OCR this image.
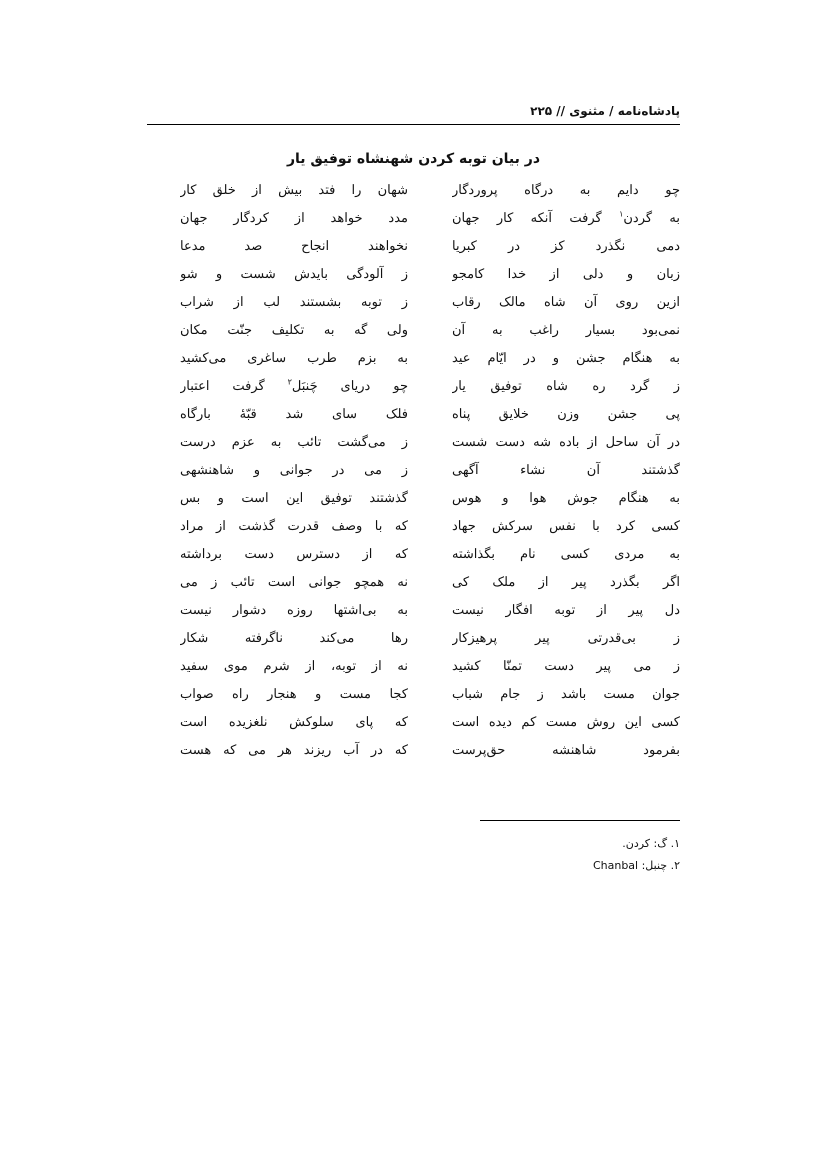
پادشاه‌نامه / مثنوی // ۲۲۵
در بیان توبه کردن شهنشاه توفیق یار
چو دایم به درگاه پروردگار
شهان را فتد بیش از خلق کار
به گردن$^۱$ گرفت آنکه کار جهان
مدد خواهد از کردگار جهان
دمی نگذرد کز در کبریا
نخواهند انجاح صد مدعا
زبان و دلی از خدا کامجو
ز آلودگی بایدش شست و شو
ازین روی آن شاه مالک رقاب
ز توبه بشستند لب از شراب
نمی‌بود بسیار راغب به آن
ولی گه به تکلیف جنّت مکان
به هنگام جشن و در ایّام عید
به بزم طرب ساغری می‌کشید
ز گرد ره شاه توفیق یار
چو دریای چَنبَل$^۲$ گرفت اعتبار
پی جشن وزن خلایق پناه
فلک سای شد قبّهٔ بارگاه
در آن ساحل از باده شه دست شست
ز می‌گشت تائب به عزم درست
گذشتند آن نشاء آگهی
ز می در جوانی و شاهنشهی
به هنگام جوش هوا و هوس
گذشتند توفیق این است و بس
کسی کرد با نفس سرکش جهاد
که با وصف قدرت گذشت از مراد
به مردی کسی نام بگذاشته
که از دسترس دست برداشته
اگر بگذرد پیر از ملک کی
نه همچو جوانی است تائب ز می
دل پیر از توبه افگار نیست
به بی‌اشتها روزه دشوار نیست
ز بی‌قدرتی پیر پرهیزکار
رها می‌کند ناگرفته شکار
ز می پیر دست تمنّا کشید
نه از توبه، از شرم موی سفید
جوان مست باشد ز جام شباب
کجا مست و هنجار راه صواب
کسی این روش مست کم دیده است
که پای سلوکش نلغزیده است
بفرمود شاهنشه حق‌پرست
که در آب ریزند هر می که هست
۱. گ: کردن.
۲. چنبل: Chanbal
